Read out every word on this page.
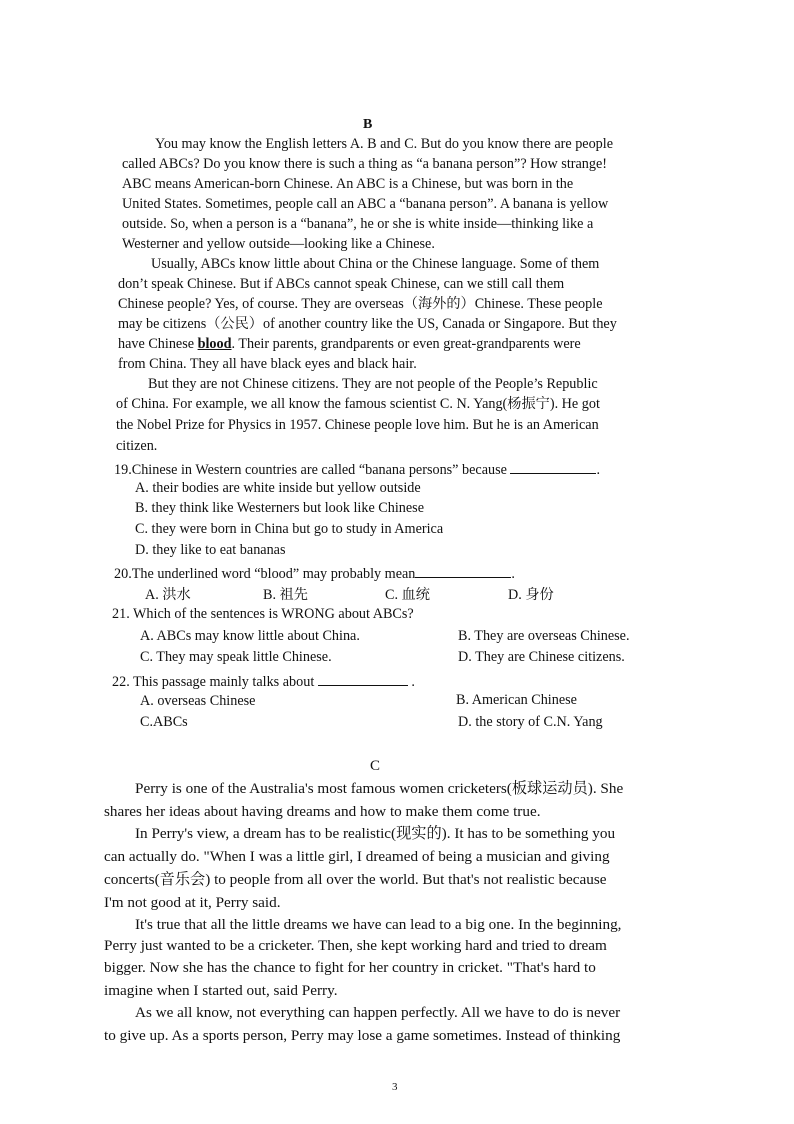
B
You may know the English letters A. B and C. But do you know there are people
called ABCs? Do you know there is such a thing as “a banana person”? How strange!
ABC means American-born Chinese. An ABC is a Chinese, but was born in the
United States. Sometimes, people call an ABC a “banana person”. A banana is yellow
outside. So, when a person is a “banana”, he or she is white inside—thinking like a
Westerner and yellow outside—looking like a Chinese.
Usually, ABCs know little about China or the Chinese language. Some of them
don’t speak Chinese. But if ABCs cannot speak Chinese, can we still call them
Chinese people? Yes, of course. They are overseas（海外的）Chinese. These people
may be citizens（公民）of another country like the US, Canada or Singapore. But they
have Chinese blood. Their parents, grandparents or even great-grandparents were
from China. They all have black eyes and black hair.
But they are not Chinese citizens. They are not people of the People’s Republic
of China. For example, we all know the famous scientist C. N. Yang(杨振宁). He got
the Nobel Prize for Physics in 1957. Chinese people love him. But he is an American
citizen.
19.Chinese in Western countries are called “banana persons” because	.
A. their bodies are white inside but yellow outside
B. they think like Westerners but look like Chinese
C. they were born in China but go to study in America
D. they like to eat bananas
20.The underlined word “blood” may probably mean	.
A. 洪水	B. 祖先	C. 血统	D. 身份
21. Which of the sentences is WRONG about ABCs?
A. ABCs may know little about China.	B. They are overseas Chinese.
C. They may speak little Chinese.	D. They are Chinese citizens.
22. This passage mainly talks about	.
A. overseas Chinese	B. American Chinese
C.ABCs	D. the story of C.N. Yang
C
Perry is one of the Australia's most famous women cricketers(板球运动员). She
shares her ideas about having dreams and how to make them come true.
In Perry's view, a dream has to be realistic(现实的). It has to be something you
can actually do. "When I was a little girl, I dreamed of being a musician and giving
concerts(音乐会) to people from all over the world. But that's not realistic because
I'm not good at it, Perry said.
It's true that all the little dreams we have can lead to a big one. In the beginning,
Perry just wanted to be a cricketer. Then, she kept working hard and tried to dream
bigger. Now she has the chance to fight for her country in cricket. "That's hard to
imagine when I started out, said Perry.
As we all know, not everything can happen perfectly. All we have to do is never
to give up. As a sports person, Perry may lose a game sometimes. Instead of thinking
3
